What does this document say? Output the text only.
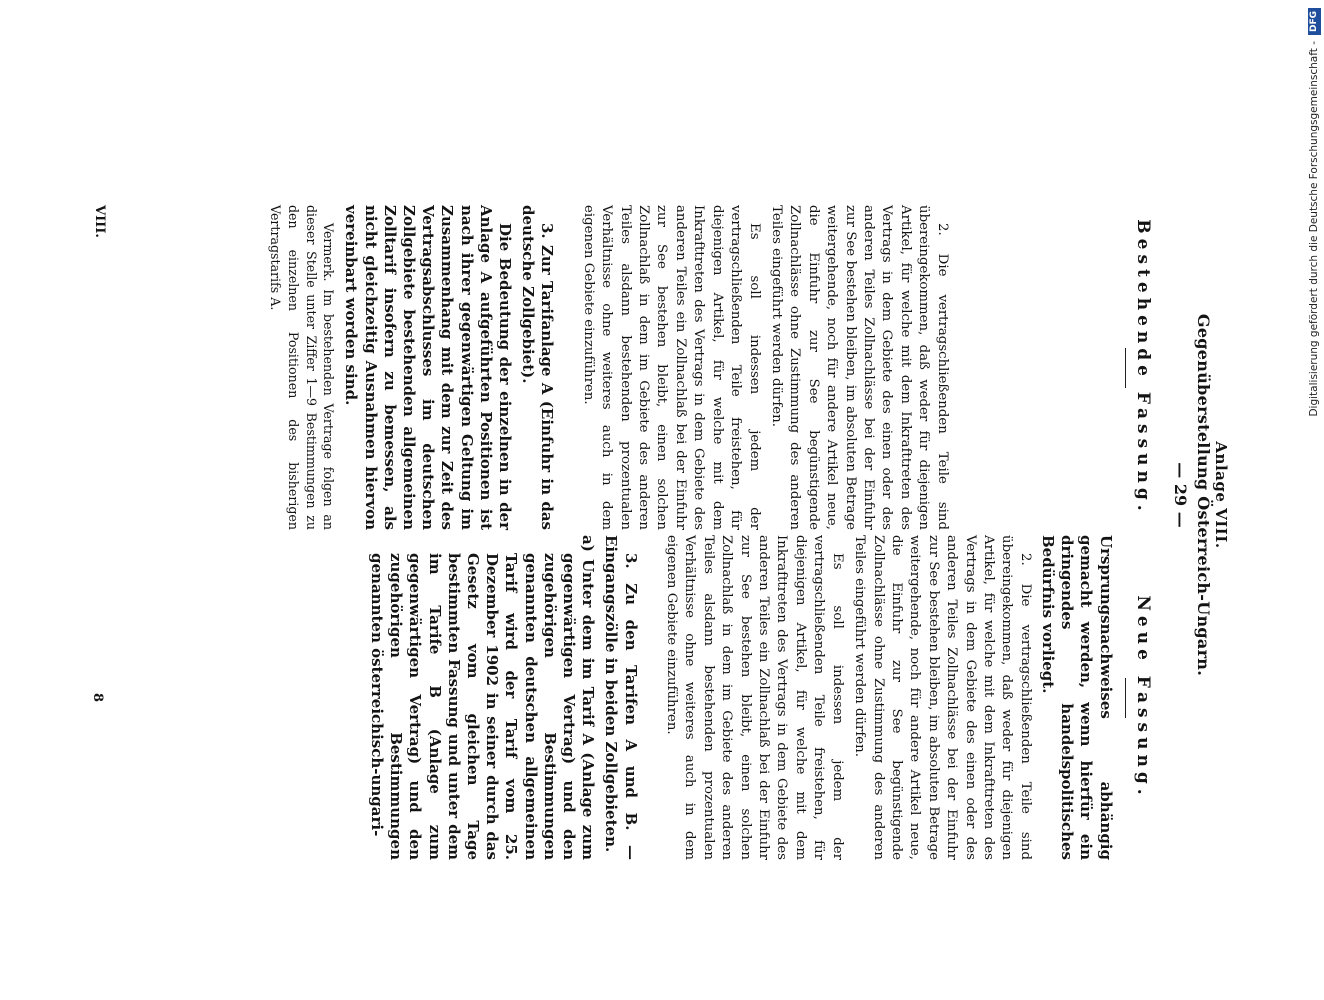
Anlage VIII.
Gegenüberstellung Österreich-Ungarn.
— 29 —
Bestehende Fassung.

2. Die vertragschließenden Teile sind übereingekommen, daß weder für diejenigen Artikel, für welche mit dem Inkrafttreten des Vertrags in dem Gebiete des einen oder des anderen Teiles Zollnachlässe bei der Einfuhr zur See bestehen bleiben, im absoluten Betrage weitergehende, noch für andere Artikel neue, die Einfuhr zur See begünstigende Zollnachlässe ohne Zustimmung des anderen Teiles eingeführt werden dürfen.

Es soll indessen jedem der vertragschließenden Teile freistehen, für diejenigen Artikel, für welche mit dem Inkrafttreten des Vertrags in dem Gebiete des anderen Teiles ein Zollnachlaß bei der Einfuhr zur See bestehen bleibt, einen solchen Zollnachlaß in dem im Gebiete des anderen Teiles alsdann bestehenden prozentualen Verhältnisse ohne weiteres auch in dem eigenen Gebiete einzuführen.

3. Zur Tarifanlage A (Einfuhr in das deutsche Zollgebiet).

Die Bedeutung der einzelnen in der Anlage A aufgeführten Positionen ist nach ihrer gegenwärtigen Geltung im Zusammenhang mit dem zur Zeit des Vertragsabschlusses im deutschen Zollgebiete bestehenden allgemeinen Zolltarif insofern zu bemessen, als nicht gleichzeitig Ausnahmen hiervon vereinbart worden sind.

Vermerk. Im bestehenden Vertrage folgen an dieser Stelle unter Ziffer 1—9 Bestimmungen zu den einzelnen Positionen des bisherigen Vertragstarifs A.

Neue Fassung.

Ursprungsnachweises abhängig gemacht werden, wenn hierfür ein dringendes handelspolitisches Bedürfnis vorliegt.

2. Die vertragschließenden Teile sind übereingekommen, daß weder für diejenigen Artikel, für welche mit dem Inkrafttreten des Vertrags in dem Gebiete des einen oder des anderen Teiles Zollnachlässe bei der Einfuhr zur See bestehen bleiben, im absoluten Betrage weitergehende, noch für andere Artikel neue, die Einfuhr zur See begünstigende Zollnachlässe ohne Zustimmung des anderen Teiles eingeführt werden dürfen.

Es soll indessen jedem der vertragschließenden Teile freistehen, für diejenigen Artikel, für welche mit dem Inkrafttreten des Vertrags in dem Gebiete des anderen Teiles ein Zollnachlaß bei der Einfuhr zur See bestehen bleibt, einen solchen Zollnachlaß in dem im Gebiete des anderen Teiles alsdann bestehenden prozentualen Verhältnisse ohne weiteres auch in dem eigenen Gebiete einzuführen.

3. Zu den Tarifen A und B. — Eingangszölle in beiden Zollgebieten.

a) Unter dem im Tarif A (Anlage zum gegenwärtigen Vertrag) und den zugehörigen Bestimmungen genannten deutschen allgemeinen Tarif wird der Tarif vom 25. Dezember 1902 in seiner durch das Gesetz vom gleichen Tage bestimmten Fassung und unter dem im Tarife B (Anlage zum gegenwärtigen Vertrag) und den zugehörigen Bestimmungen genannten österreichisch-ungari-

VIII.
8
Digitalisierung gefördert durch die Deutsche Forschungsgemeinschaft -
DFG
